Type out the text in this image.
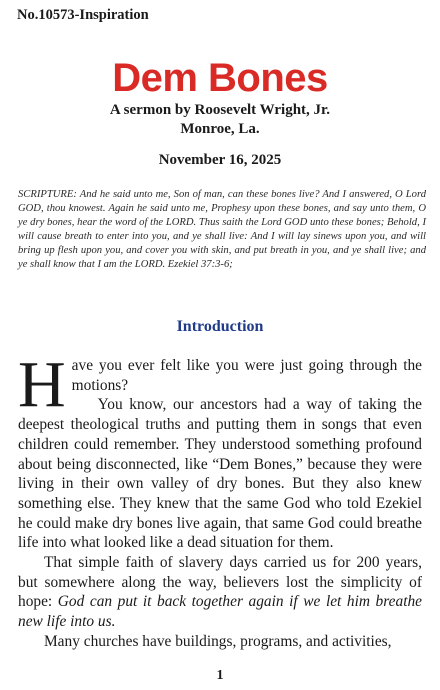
No.10573-Inspiration
Dem Bones
A sermon by Roosevelt Wright, Jr.
Monroe, La.
November 16, 2025
SCRIPTURE: And he said unto me, Son of man, can these bones live? And I answered, O Lord GOD, thou knowest. Again he said unto me, Prophesy upon these bones, and say unto them, O ye dry bones, hear the word of the LORD. Thus saith the Lord GOD unto these bones; Behold, I will cause breath to enter into you, and ye shall live: And I will lay sinews upon you, and will bring up flesh upon you, and cover you with skin, and put breath in you, and ye shall live; and ye shall know that I am the LORD. Ezekiel 37:3-6;
Introduction

Have you ever felt like you were just going through the motions?

You know, our ancestors had a way of taking the deepest theological truths and putting them in songs that even children could remember. They understood something profound about being disconnected, like “Dem Bones,” because they were living in their own valley of dry bones. But they also knew something else. They knew that the same God who told Ezekiel he could make dry bones live again, that same God could breathe life into what looked like a dead situation for them.

That simple faith of slavery days carried us for 200 years, but somewhere along the way, believers lost the simplicity of hope: God can put it back together again if we let him breathe new life into us.

Many churches have buildings, programs, and activities,

1
